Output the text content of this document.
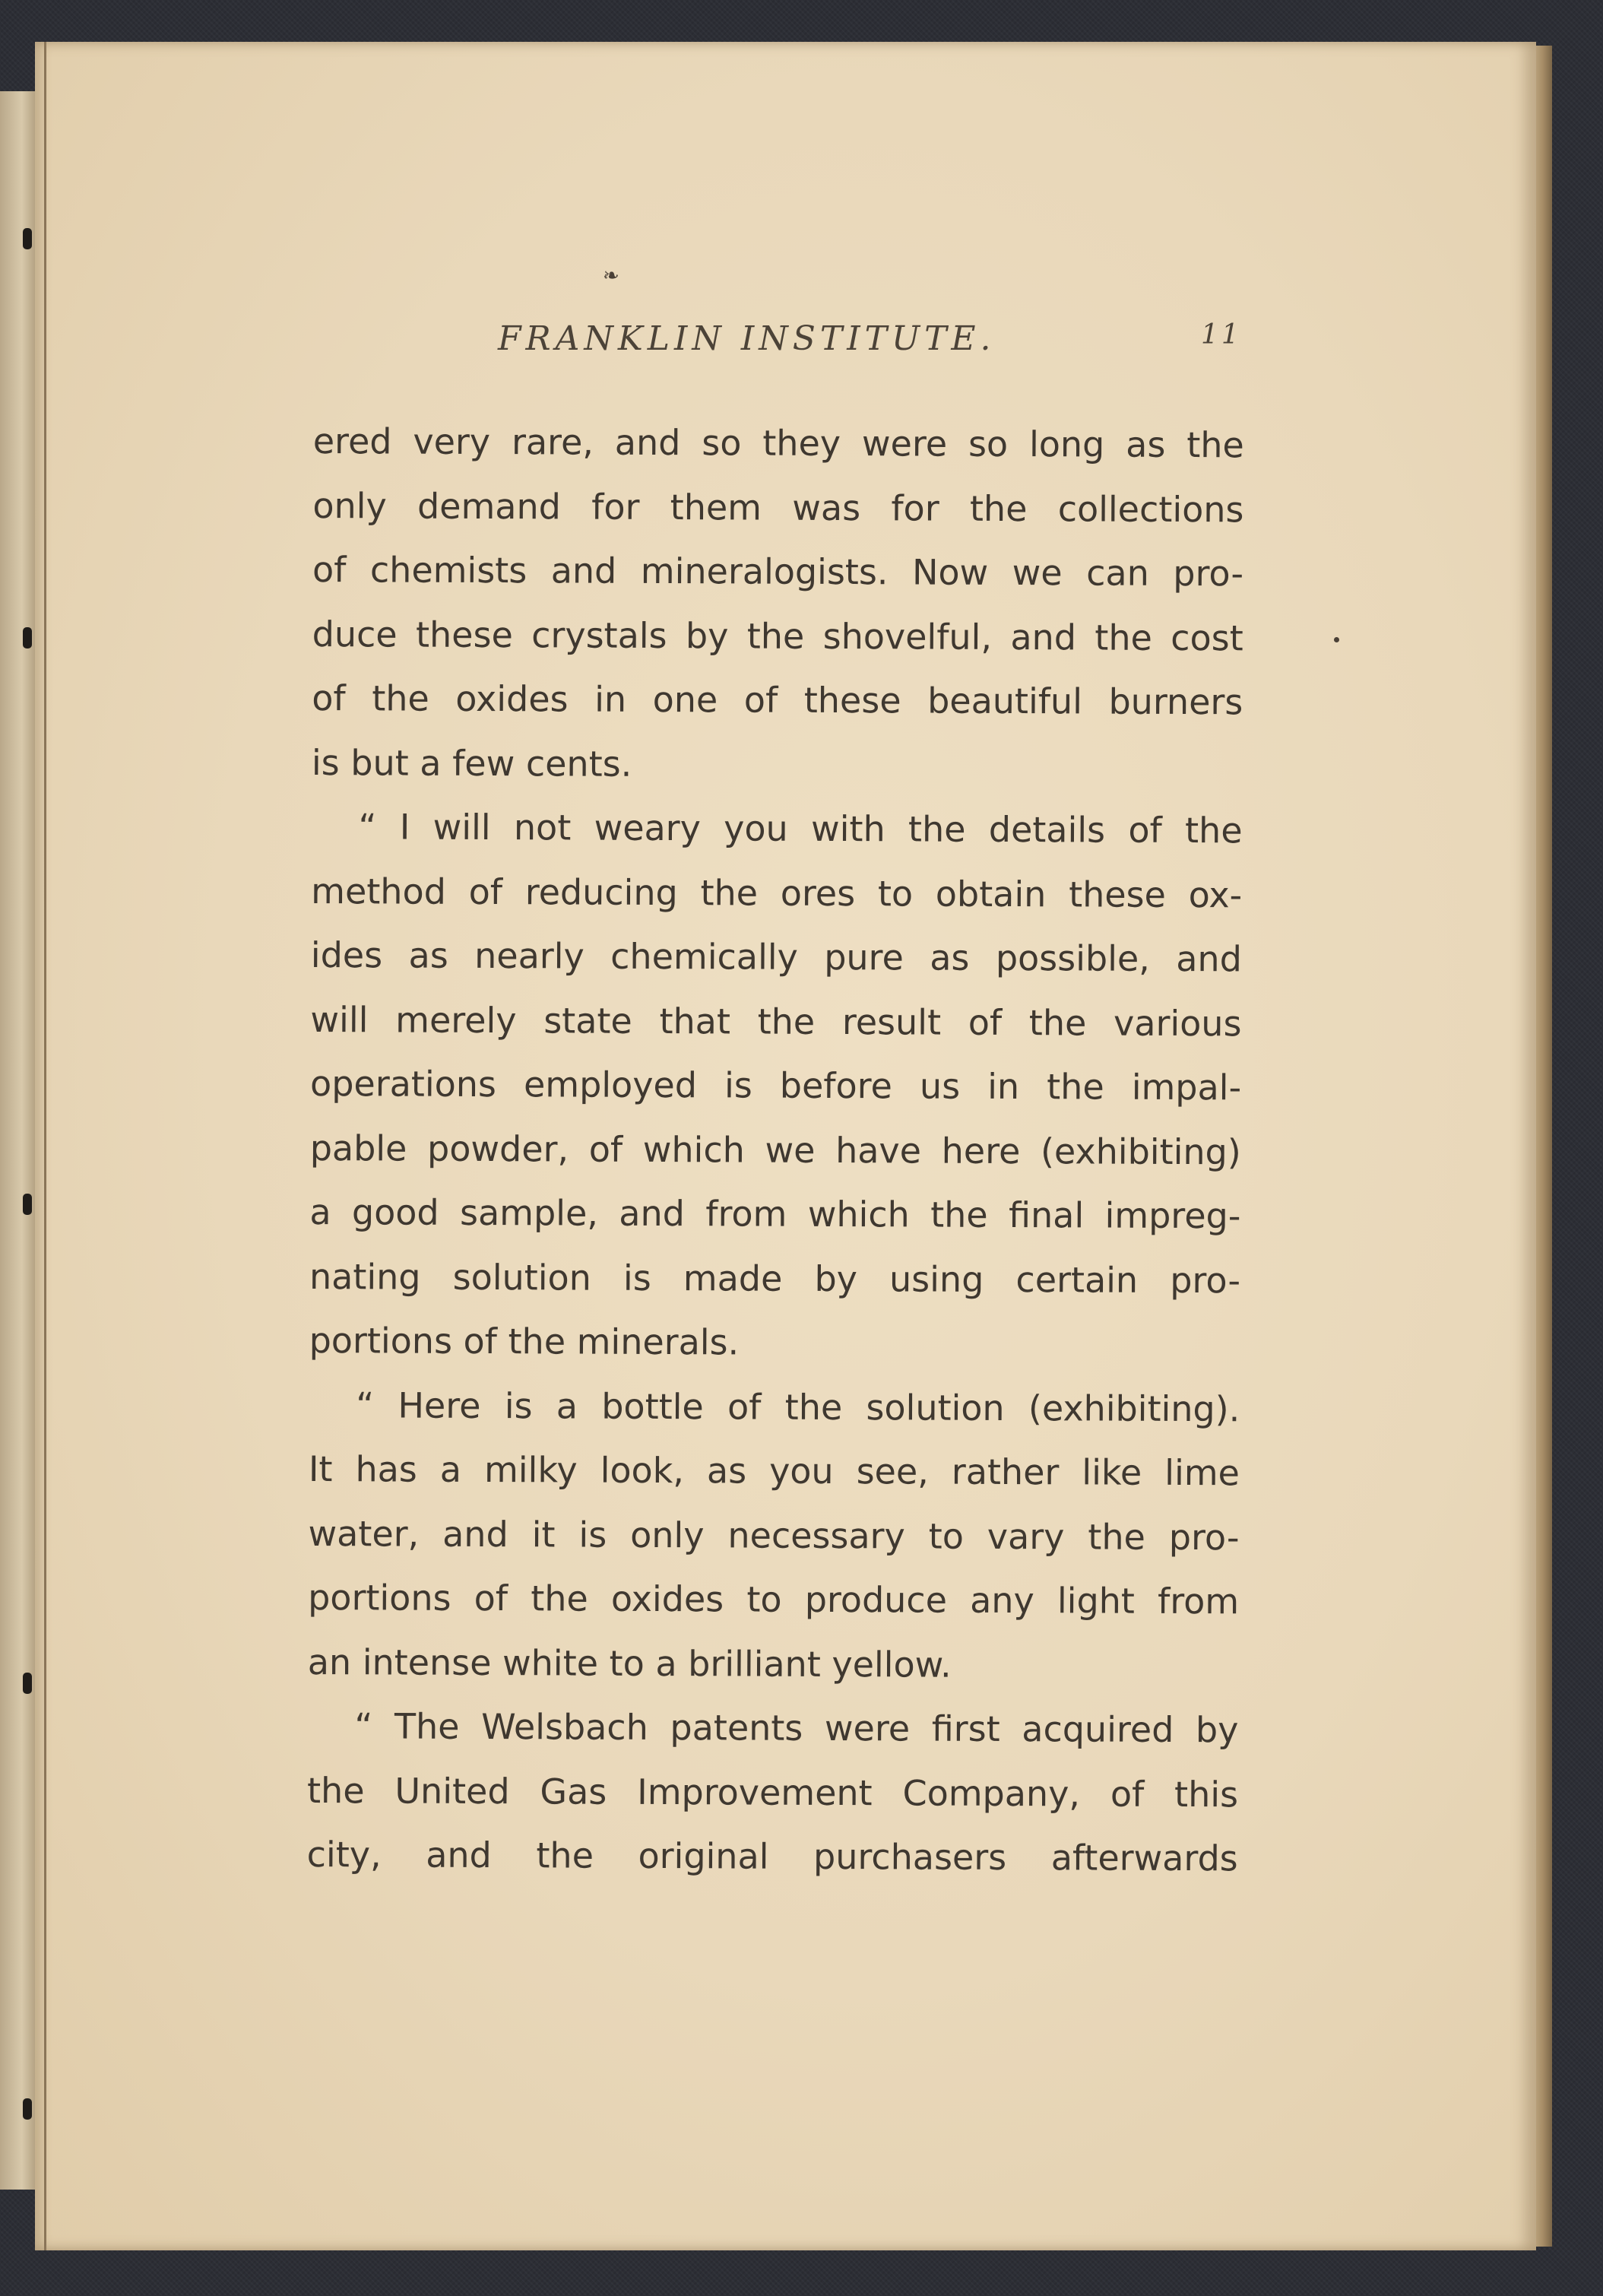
❧
FRANKLIN INSTITUTE.	11
ered very rare, and so they were so long as the
only demand for them was for the collections
of chemists and mineralogists. Now we can pro-
duce these crystals by the shovelful, and the cost
of the oxides in one of these beautiful burners
is but a few cents.
“ I will not weary you with the details of the
method of reducing the ores to obtain these ox-
ides as nearly chemically pure as possible, and
will merely state that the result of the various
operations employed is before us in the impal-
pable powder, of which we have here (exhibiting)
a good sample, and from which the final impreg-
nating solution is made by using certain pro-
portions of the minerals.
“ Here is a bottle of the solution (exhibiting).
It has a milky look, as you see, rather like lime
water, and it is only necessary to vary the pro-
portions of the oxides to produce any light from
an intense white to a brilliant yellow.
“ The Welsbach patents were first acquired by
the United Gas Improvement Company, of this
city, and the original purchasers afterwards
